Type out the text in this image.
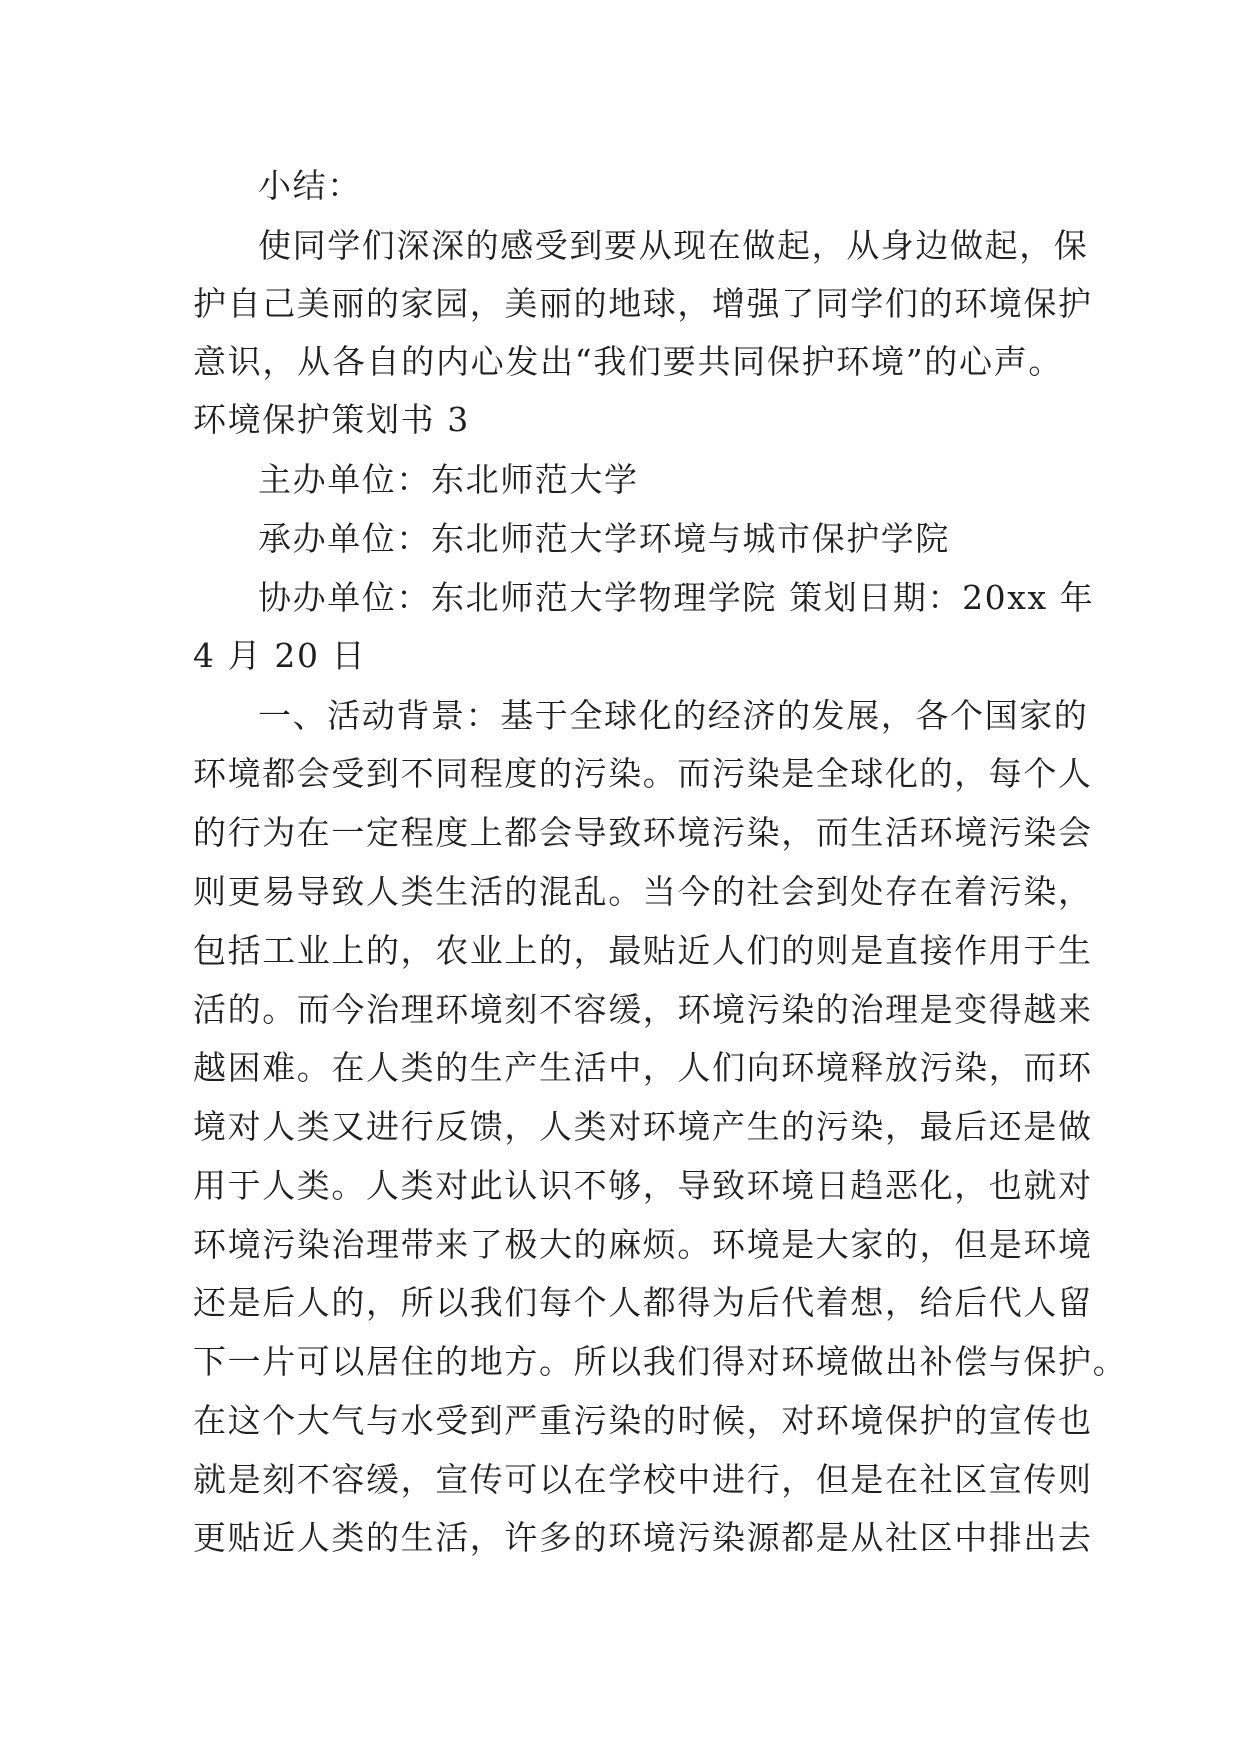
小结：
使同学们深深的感受到要从现在做起，从身边做起，保
护自己美丽的家园，美丽的地球，增强了同学们的环境保护
意识，从各自的内心发出“我们要共同保护环境”的心声。
环境保护策划书 3
主办单位：东北师范大学
承办单位：东北师范大学环境与城市保护学院
协办单位：东北师范大学物理学院 策划日期：20xx 年
4 月 20 日
一、活动背景：基于全球化的经济的发展，各个国家的
环境都会受到不同程度的污染。而污染是全球化的，每个人
的行为在一定程度上都会导致环境污染，而生活环境污染会
则更易导致人类生活的混乱。当今的社会到处存在着污染，
包括工业上的，农业上的，最贴近人们的则是直接作用于生
活的。而今治理环境刻不容缓，环境污染的治理是变得越来
越困难。在人类的生产生活中，人们向环境释放污染，而环
境对人类又进行反馈，人类对环境产生的污染，最后还是做
用于人类。人类对此认识不够，导致环境日趋恶化，也就对
环境污染治理带来了极大的麻烦。环境是大家的，但是环境
还是后人的，所以我们每个人都得为后代着想，给后代人留
下一片可以居住的地方。所以我们得对环境做出补偿与保护。
在这个大气与水受到严重污染的时候，对环境保护的宣传也
就是刻不容缓，宣传可以在学校中进行，但是在社区宣传则
更贴近人类的生活，许多的环境污染源都是从社区中排出去
